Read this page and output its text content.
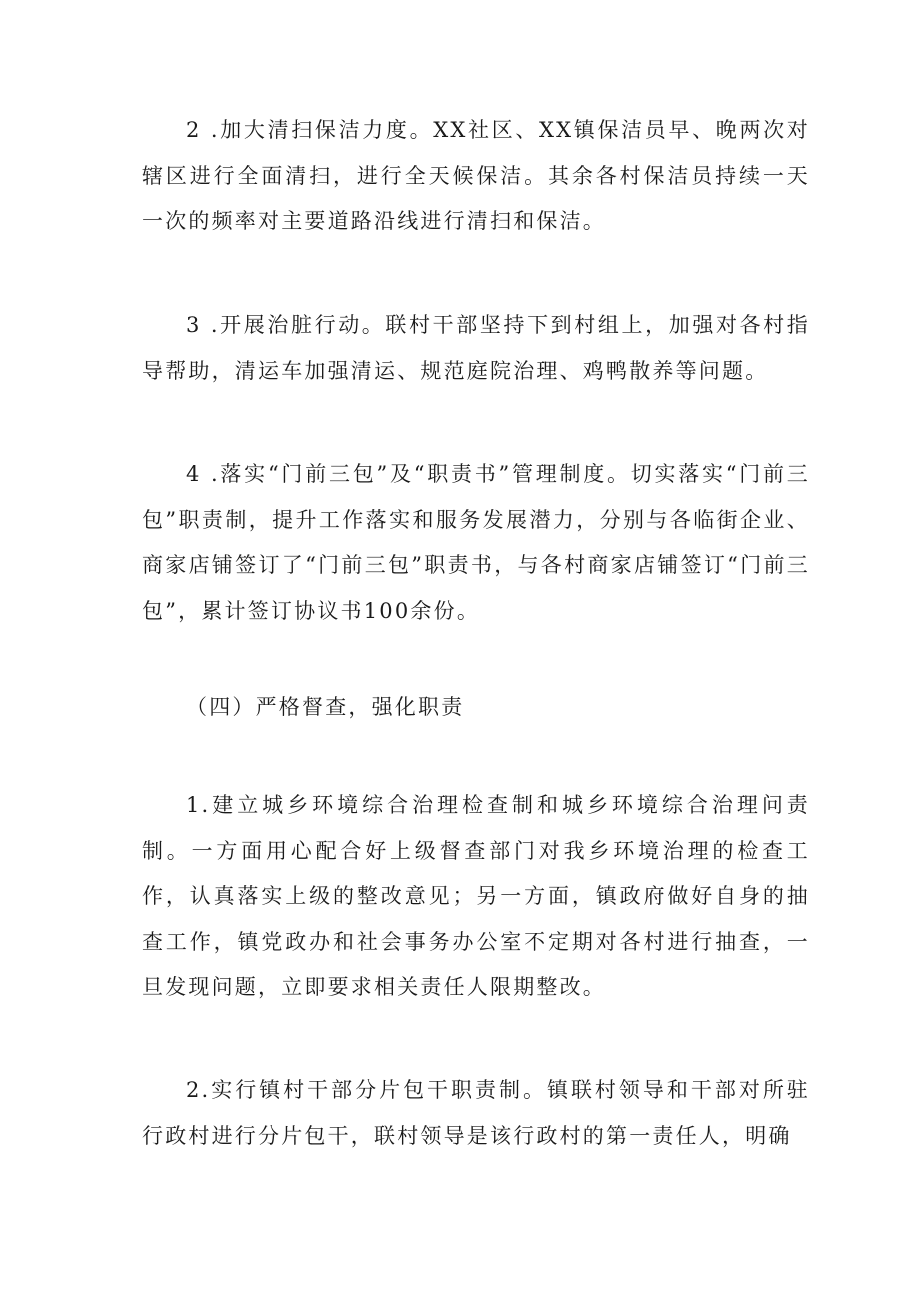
2 .加大清扫保洁力度。XX社区、XX镇保洁员早、晚两次对辖区进行全面清扫，进行全天候保洁。其余各村保洁员持续一天一次的频率对主要道路沿线进行清扫和保洁。

3 .开展治脏行动。联村干部坚持下到村组上，加强对各村指导帮助，清运车加强清运、规范庭院治理、鸡鸭散养等问题。

4 .落实“门前三包”及“职责书”管理制度。切实落实“门前三包”职责制，提升工作落实和服务发展潜力，分别与各临街企业、商家店铺签订了“门前三包”职责书，与各村商家店铺签订“门前三包”，累计签订协议书100余份。

（四）严格督查，强化职责

1.建立城乡环境综合治理检查制和城乡环境综合治理问责制。一方面用心配合好上级督查部门对我乡环境治理的检查工作，认真落实上级的整改意见；另一方面，镇政府做好自身的抽查工作，镇党政办和社会事务办公室不定期对各村进行抽查，一旦发现问题，立即要求相关责任人限期整改。

2.实行镇村干部分片包干职责制。镇联村领导和干部对所驻行政村进行分片包干，联村领导是该行政村的第一责任人，明确
